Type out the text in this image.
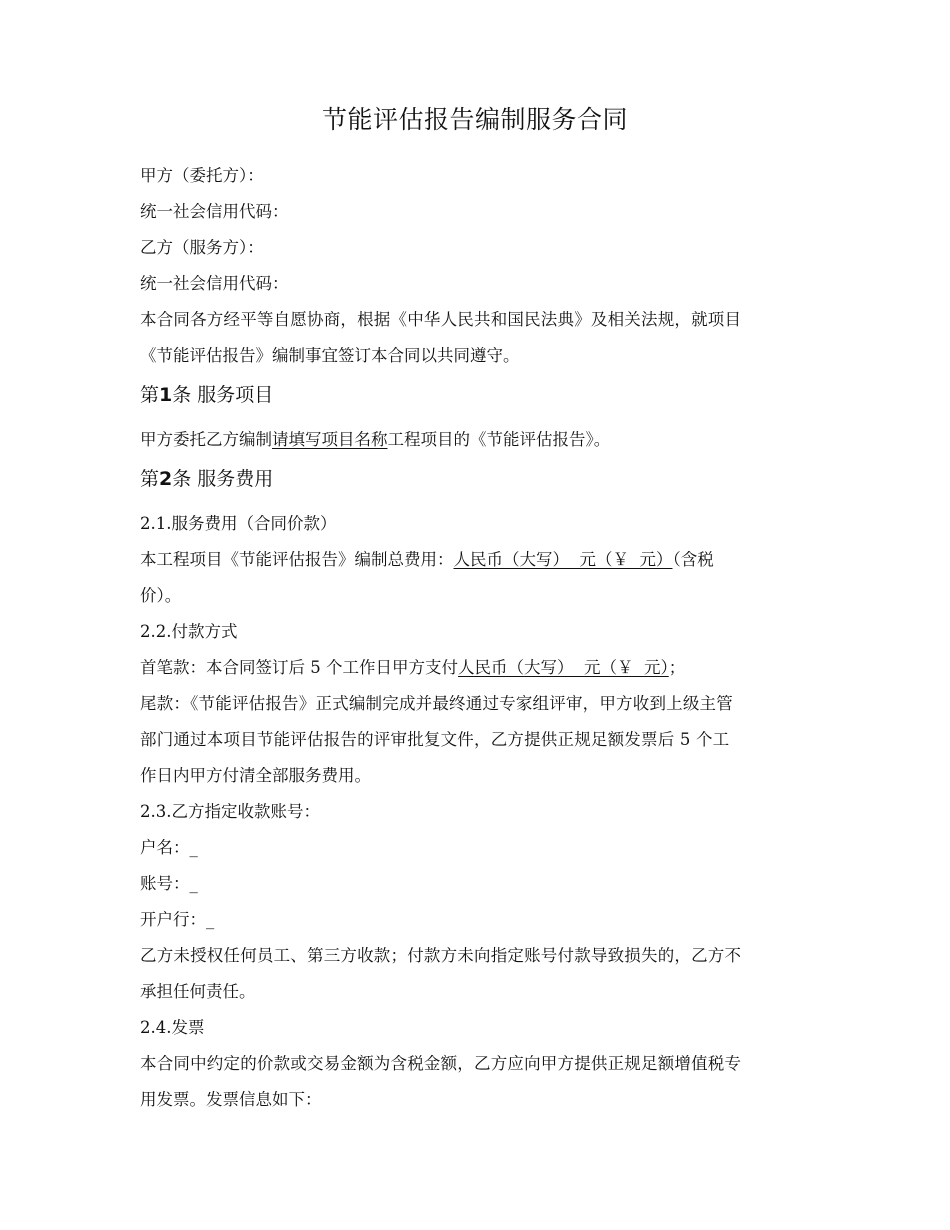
节能评估报告编制服务合同
甲方（委托方）：
统一社会信用代码：
乙方（服务方）：
统一社会信用代码：
本合同各方经平等自愿协商，根据《中华人民共和国民法典》及相关法规，就项目
《节能评估报告》编制事宜签订本合同以共同遵守。
第1条 服务项目
甲方委托乙方编制请填写项目名称工程项目的《节能评估报告》。
第2条 服务费用
2.1.服务费用（合同价款）
本工程项目《节能评估报告》编制总费用：人民币（大写）  元（￥  元）（含税
价）。
2.2.付款方式
首笔款：本合同签订后 5 个工作日甲方支付人民币（大写）  元（￥  元）；
尾款：《节能评估报告》正式编制完成并最终通过专家组评审，甲方收到上级主管
部门通过本项目节能评估报告的评审批复文件，乙方提供正规足额发票后 5 个工
作日内甲方付清全部服务费用。
2.3.乙方指定收款账号：
户名：_
账号：_
开户行：_
乙方未授权任何员工、第三方收款；付款方未向指定账号付款导致损失的，乙方不
承担任何责任。
2.4.发票
本合同中约定的价款或交易金额为含税金额，乙方应向甲方提供正规足额增值税专
用发票。发票信息如下：
